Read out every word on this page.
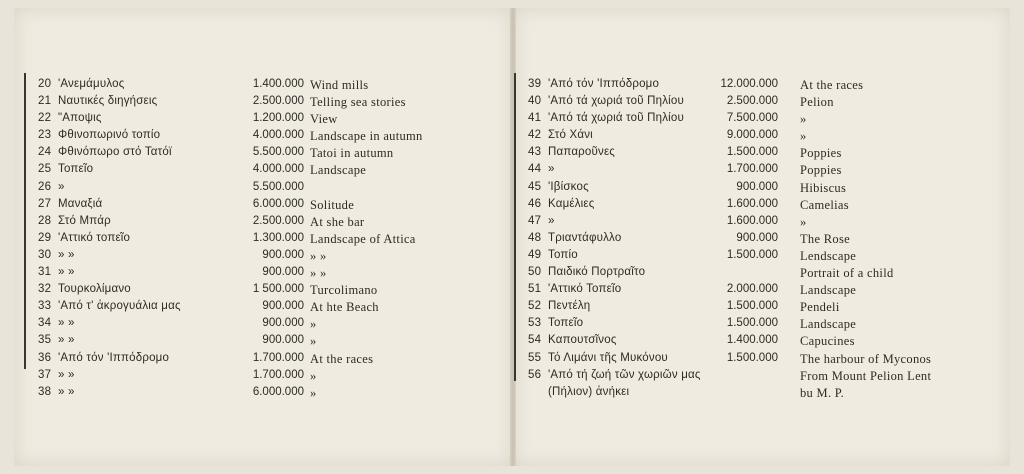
20 'Ανεμάμυλος	1.400.000 Wind mills
21 Ναυτικές διηγήσεις	2.500.000 Telling sea stories
22 "Αποψις	1.200.000 View
23 Φθινοπωρινό τοπίο	4.000.000 Landscape in autumn
24 Φθινόπωρο στό Τατόϊ	5.500.000 Tatoi in autumn
25 Τοπεῖο	4.000.000 Landscape
26 »	5.500.000
27 Μαναξιά	6.000.000 Solitude
28 Στό Μπάρ	2.500.000 At she bar
29 'Αττικό τοπεῖο	1.300.000 Landscape of Attica
30 » »	900.000 » »
31 » »	900.000 » »
32 Τουρκολίμανο	1 500.000 Turcolimano
33 'Από τ' ἀκρογυάλια μας	900.000 At hte Beach
34 » »	900.000 »
35 » »	900.000 »
36 'Από τόν 'Ιππόδρομο	1.700.000 At the races
37 » »	1.700.000 »
38 » »	6.000.000 »
39 'Από τόν 'Ιππόδρομο	12.000.000 At the races
40 'Από τά χωριά τοῦ Πηλίου	2.500.000 Pelion
41 'Από τά χωριά τοῦ Πηλίου	7.500.000 »
42 Στό Χάνι	9.000.000 »
43 Παπαροῦνες	1.500.000 Poppies
44 »	1.700.000 Poppies
45 'Ιβίσκος	900.000 Hibiscus
46 Καμέλιες	1.600.000 Camelias
47 »	1.600.000 »
48 Τριαντάφυλλο	900.000 The Rose
49 Τοπίο	1.500.000 Lendscape
50 Παιδικό Πορτραῖτο	Portrait of a child
51 'Αττικό Τοπεῖο	2.000.000 Landscape
52 Πεντέλη	1.500.000 Pendeli
53 Τοπεῖο	1.500.000 Landscape
54 Καπουτσῖνος	1.400.000 Capucines
55 Τό Λιμάνι τῆς Μυκόνου	1.500.000 The harbour of Myconos
56 'Από τή ζωή τῶν χωριῶν μας	From Mount Pelion Lent
(Πήλιον) ἀνήκει	bu M. P.
